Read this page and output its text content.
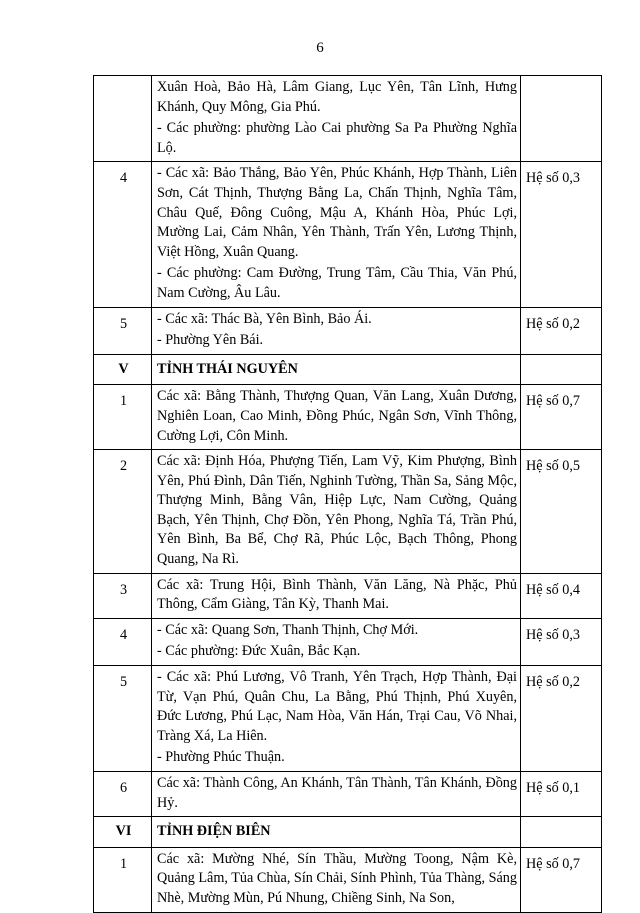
6

	Xuân Hoà, Bảo Hà, Lâm Giang, Lục Yên, Tân Lĩnh, Hưng Khánh, Quy Mông, Gia Phú.

- Các phường: phường Lào Cai phường Sa Pa Phường Nghĩa Lộ.	

4	- Các xã: Bảo Thắng, Bảo Yên, Phúc Khánh, Hợp Thành, Liên Sơn, Cát Thịnh, Thượng Bằng La, Chấn Thịnh, Nghĩa Tâm, Châu Quế, Đông Cuông, Mậu A, Khánh Hòa, Phúc Lợi, Mường Lai, Cảm Nhân, Yên Thành, Trấn Yên, Lương Thịnh, Việt Hồng, Xuân Quang.

- Các phường: Cam Đường, Trung Tâm, Cầu Thia, Văn Phú, Nam Cường, Âu Lâu.	Hệ số 0,3
5	- Các xã: Thác Bà, Yên Bình, Bảo Ái.

- Phường Yên Bái.	Hệ số 0,2
V	TỈNH THÁI NGUYÊN	
1	Các xã: Bằng Thành, Thượng Quan, Văn Lang, Xuân Dương, Nghiên Loan, Cao Minh, Đồng Phúc, Ngân Sơn, Vĩnh Thông, Cường Lợi, Côn Minh.	Hệ số 0,7
2	Các xã: Định Hóa, Phượng Tiến, Lam Vỹ, Kim Phượng, Bình Yên, Phú Đình, Dân Tiến, Nghinh Tường, Thần Sa, Sảng Mộc, Thượng Minh, Bằng Vân, Hiệp Lực, Nam Cường, Quảng Bạch, Yên Thịnh, Chợ Đồn, Yên Phong, Nghĩa Tá, Trần Phú, Yên Bình, Ba Bể, Chợ Rã, Phúc Lộc, Bạch Thông, Phong Quang, Na Rì.	Hệ số 0,5
3	Các xã: Trung Hội, Bình Thành, Văn Lăng, Nà Phặc, Phủ Thông, Cẩm Giàng, Tân Kỳ, Thanh Mai.	Hệ số 0,4
4	- Các xã: Quang Sơn, Thanh Thịnh, Chợ Mới.

- Các phường: Đức Xuân, Bắc Kạn.	Hệ số 0,3
5	- Các xã: Phú Lương, Vô Tranh, Yên Trạch, Hợp Thành, Đại Từ, Vạn Phú, Quân Chu, La Bằng, Phú Thịnh, Phú Xuyên, Đức Lương, Phú Lạc, Nam Hòa, Văn Hán, Trại Cau, Võ Nhai, Tràng Xá, La Hiên.

- Phường Phúc Thuận.	Hệ số 0,2
6	Các xã: Thành Công, An Khánh, Tân Thành, Tân Khánh, Đồng Hỷ.	Hệ số 0,1
VI	TỈNH ĐIỆN BIÊN	
1	Các xã: Mường Nhé, Sín Thầu, Mường Toong, Nậm Kè, Quảng Lâm, Tủa Chùa, Sín Chải, Sính Phình, Tủa Thàng, Sáng Nhè, Mường Mùn, Pú Nhung, Chiềng Sinh, Na Son,	Hệ số 0,7
